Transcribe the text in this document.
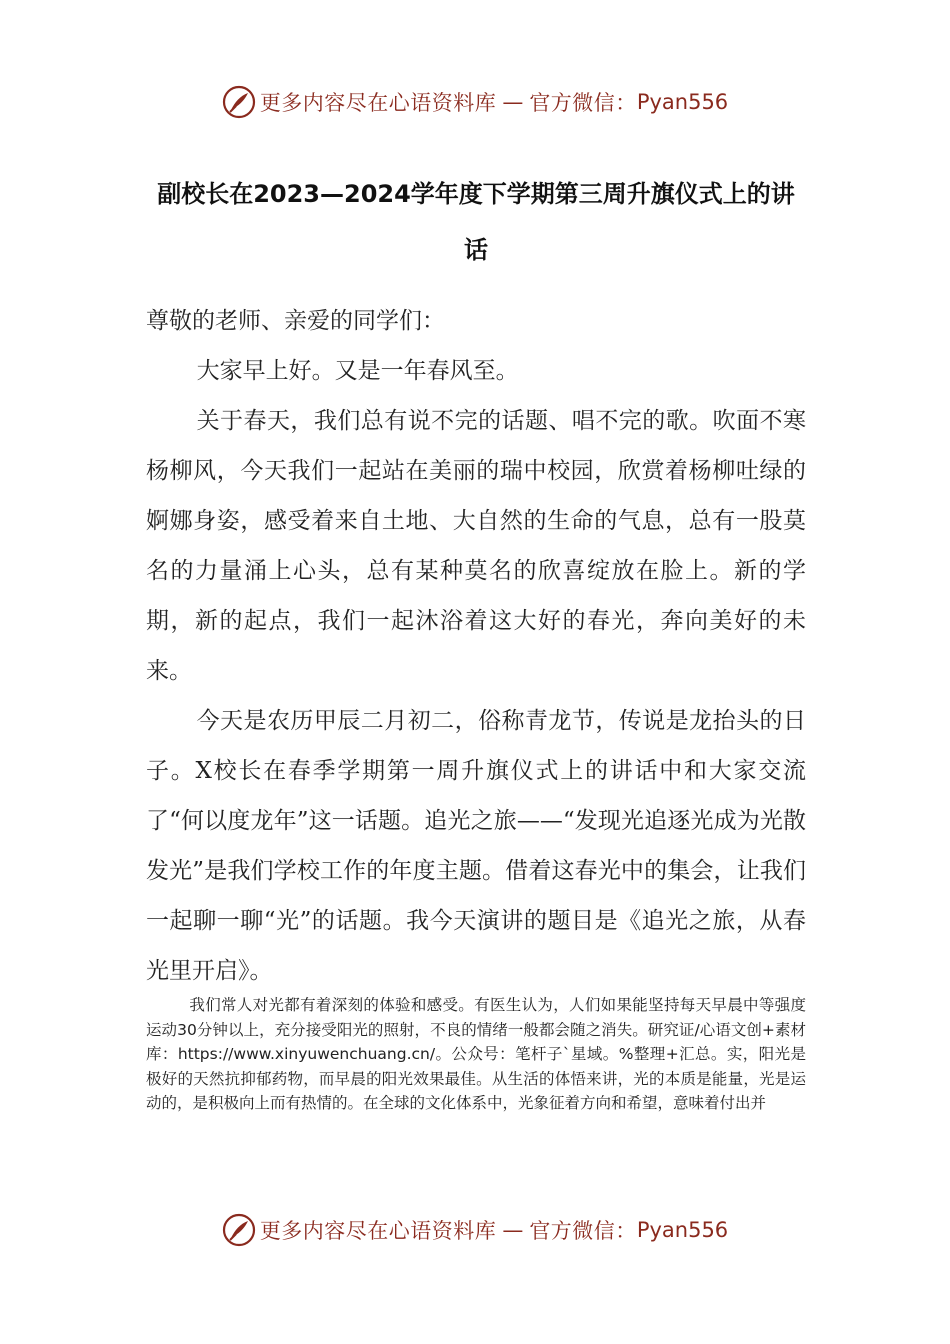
更多内容尽在心语资料库 — 官方微信： Pyan556
副校长在2023—2024学年度下学期第三周升旗仪式上的讲话

尊敬的老师、亲爱的同学们：

大家早上好。又是一年春风至。

关于春天，我们总有说不完的话题、唱不完的歌。吹面不寒杨柳风，今天我们一起站在美丽的瑞中校园，欣赏着杨柳吐绿的婀娜身姿，感受着来自土地、大自然的生命的气息，总有一股莫名的力量涌上心头，总有某种莫名的欣喜绽放在脸上。新的学期，新的起点，我们一起沐浴着这大好的春光，奔向美好的未来。

今天是农历甲辰二月初二，俗称青龙节，传说是龙抬头的日子。X校长在春季学期第一周升旗仪式上的讲话中和大家交流了“何以度龙年”这一话题。追光之旅——“发现光追逐光成为光散发光”是我们学校工作的年度主题。借着这春光中的集会，让我们一起聊一聊“光”的话题。我今天演讲的题目是《追光之旅，从春光里开启》。

我们常人对光都有着深刻的体验和感受。有医生认为，人们如果能坚持每天早晨中等强度运动30分钟以上，充分接受阳光的照射，不良的情绪一般都会随之消失。研究证/心语文创+素材库：https://www.xinyuwenchuang.cn/。公众号：笔杆子`星域。%整理+汇总。实，阳光是极好的天然抗抑郁药物，而早晨的阳光效果最佳。从生活的体悟来讲，光的本质是能量，光是运动的，是积极向上而有热情的。在全球的文化体系中，光象征着方向和希望，意味着付出并

更多内容尽在心语资料库 — 官方微信： Pyan556
